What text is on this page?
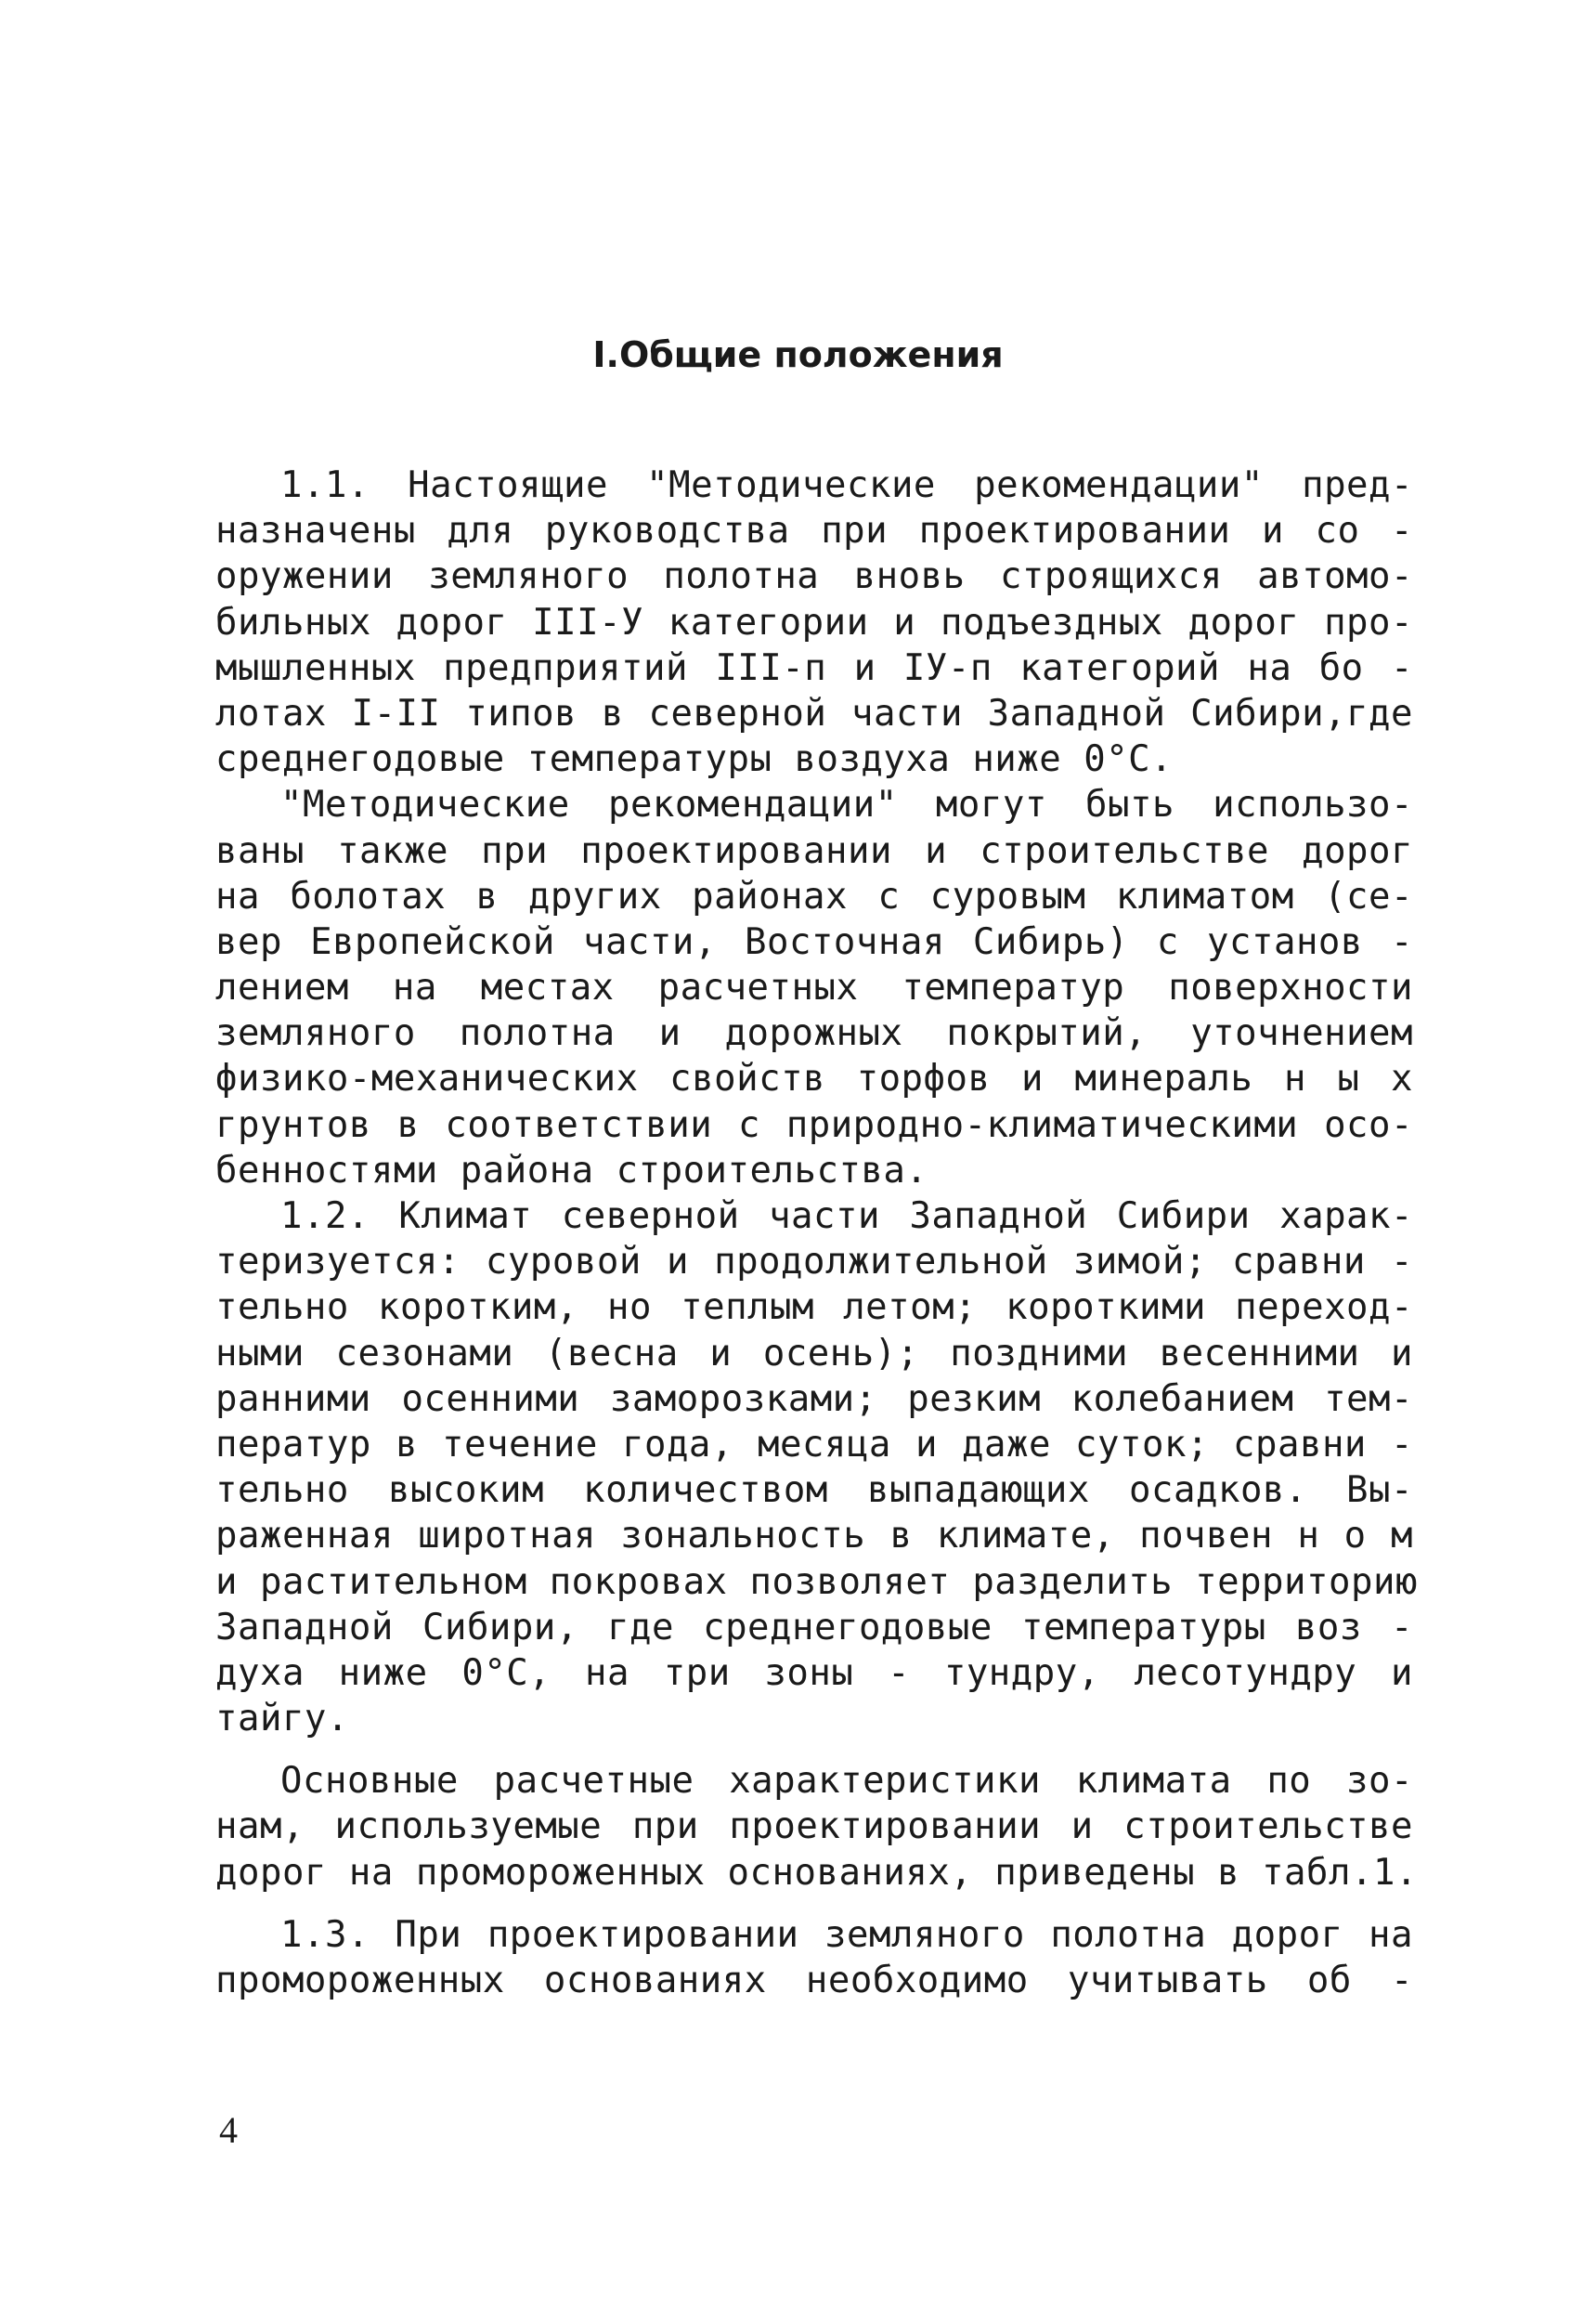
I.Общие положения
1.1. Настоящие "Методические рекомендации" пред-
назначены для руководства при проектировании и со -
оружении земляного полотна вновь строящихся автомо-
бильных дорог III-У категории и подъездных дорог про-
мышленных предприятий III-п и IУ-п категорий на бо -
лотах I-II типов в северной части Западной Сибири,где
среднегодовые температуры воздуха ниже 0°С.
"Методические рекомендации" могут быть использо-
ваны также при проектировании и строительстве дорог
на болотах в других районах с суровым климатом (се-
вер Европейской части, Восточная Сибирь) с установ -
лением на местах расчетных температур поверхности
земляного полотна и дорожных покрытий, уточнением
физико-механических свойств торфов и минераль н ы х
грунтов в соответствии с природно-климатическими осо-
бенностями района строительства.
1.2. Климат северной части Западной Сибири харак-
теризуется: суровой и продолжительной зимой; сравни -
тельно коротким, но теплым летом; короткими переход-
ными сезонами (весна и осень); поздними весенними и
ранними осенними заморозками; резким колебанием тем-
ператур в течение года, месяца и даже суток; сравни -
тельно высоким количеством выпадающих осадков. Вы-
раженная широтная зональность в климате, почвен н о м
и растительном покровах позволяет разделить территорию
Западной Сибири, где среднегодовые температуры воз -
духа ниже 0°С, на три зоны - тундру, лесотундру и
тайгу.
Основные расчетные характеристики климата по зо-
нам, используемые при проектировании и строительстве
дорог на промороженных основаниях, приведены в табл.1.
1.3. При проектировании земляного полотна дорог на
промороженных основаниях необходимо учитывать об -
4
